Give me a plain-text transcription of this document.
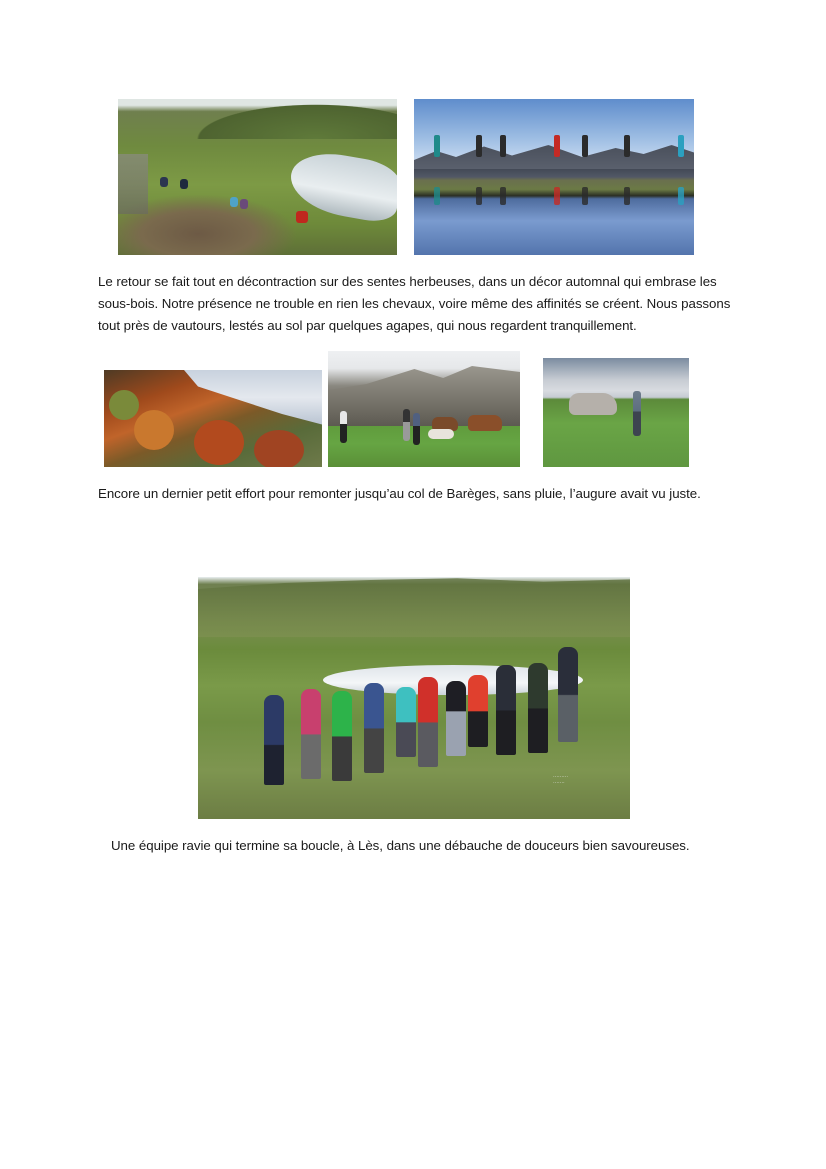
Le retour se fait tout en décontraction sur des sentes herbeuses, dans un décor automnal qui embrase les sous-bois. Notre présence ne trouble en rien les chevaux, voire même des affinités se créent. Nous passons tout près de vautours, lestés au sol par quelques agapes, qui nous regardent tranquillement.

Encore un dernier petit effort pour remonter jusqu’au col de Barèges, sans pluie, l’augure avait vu juste.

·········
·······

Une équipe ravie qui termine sa boucle, à Lès, dans une débauche de douceurs bien savoureuses.
